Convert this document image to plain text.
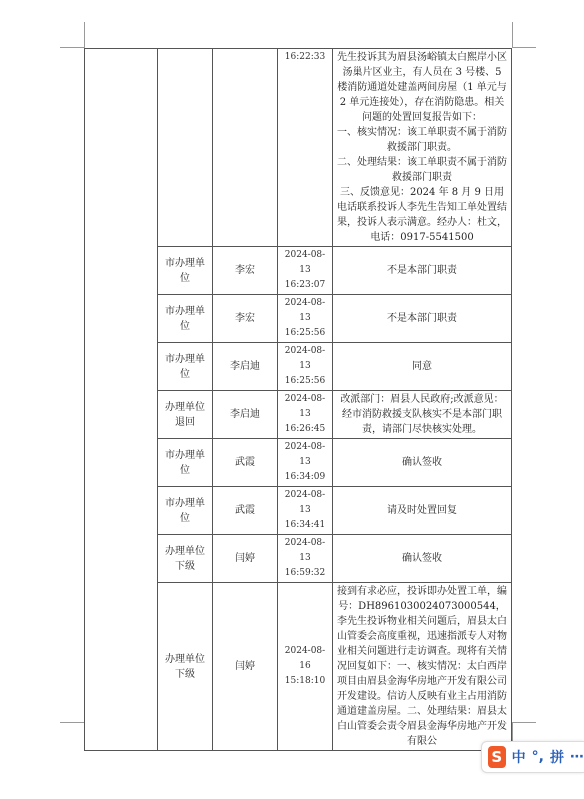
			16:22:33	先生投诉其为眉县汤峪镇太白熙岸小区汤巢片区业主，有人员在 3 号楼、5 楼消防通道处建盖两间房屋（1 单元与 2 单元连接处），存在消防隐患。相关问题的处置回复报告如下：
一、核实情况：该工单职责不属于消防救援部门职责。
二、处理结果：该工单职责不属于消防救援部门职责
三、反馈意见：2024 年 8 月 9 日用电话联系投诉人李先生告知工单处置结果，投诉人表示满意。经办人：杜文，电话：0917-5541500

	市办理单位	李宏	2024-08-13 16:23:07	不是本部门职责
	市办理单位	李宏	2024-08-13 16:25:56	不是本部门职责
	市办理单位	李启迪	2024-08-13 16:25:56	同意
	办理单位退回	李启迪	2024-08-13 16:26:45	改派部门：眉县人民政府;改派意见：经市消防救援支队核实不是本部门职责，请部门尽快核实处理。
	市办理单位	武霞	2024-08-13 16:34:09	确认签收
	市办理单位	武霞	2024-08-13 16:34:41	请及时处置回复
	办理单位下级	闫婷	2024-08-13 16:59:32	确认签收
	办理单位下级	闫婷	2024-08-16 15:18:10	接到有求必应，投诉即办处置工单，编号：DH8961030024073000544，李先生投诉物业相关问题后，眉县太白山管委会高度重视，迅速指派专人对物业相关问题进行走访调查。现将有关情况回复如下：一、核实情况：太白西岸项目由眉县金海华房地产开发有限公司开发建设。信访人反映有业主占用消防通道建盖房屋。二、处理结果：眉县太白山管委会责令眉县金海华房地产开发有限公
S 中 °, 拼 ⋯
